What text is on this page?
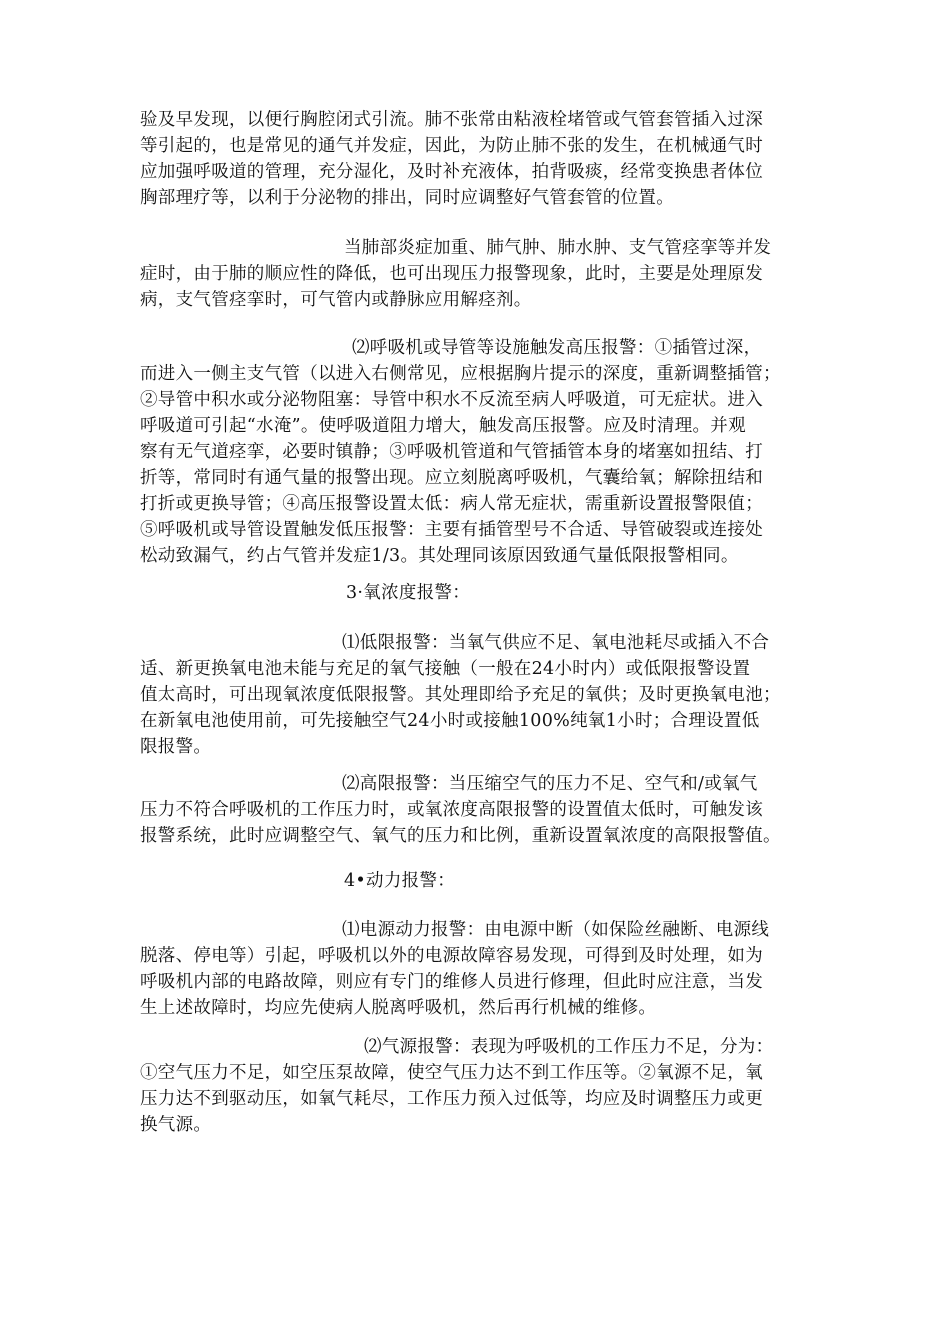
验及早发现，以便行胸腔闭式引流。肺不张常由粘液栓堵管或气管套管插入过深
等引起的，也是常见的通气并发症，因此，为防止肺不张的发生，在机械通气时
应加强呼吸道的管理，充分湿化，及时补充液体，拍背吸痰，经常变换患者体位
胸部理疗等，以利于分泌物的排出，同时应调整好气管套管的位置。
当肺部炎症加重、肺气肿、肺水肿、支气管痉挛等并发
症时，由于肺的顺应性的降低，也可出现压力报警现象，此时，主要是处理原发
病，支气管痉挛时，可气管内或静脉应用解痉剂。
⑵呼吸机或导管等设施触发高压报警：①插管过深，
而进入一侧主支气管（以进入右侧常见，应根据胸片提示的深度，重新调整插管；
②导管中积水或分泌物阻塞：导管中积水不反流至病人呼吸道，可无症状。进入
呼吸道可引起“水淹”。使呼吸道阻力增大，触发高压报警。应及时清理。并观
察有无气道痉挛，必要时镇静；③呼吸机管道和气管插管本身的堵塞如扭结、打
折等，常同时有通气量的报警出现。应立刻脱离呼吸机，气囊给氧；解除扭结和
打折或更换导管；④高压报警设置太低：病人常无症状，需重新设置报警限值；
⑤呼吸机或导管设置触发低压报警：主要有插管型号不合适、导管破裂或连接处
松动致漏气，约占气管并发症1/3。其处理同该原因致通气量低限报警相同。
3·氧浓度报警：
⑴低限报警：当氧气供应不足、氧电池耗尽或插入不合
适、新更换氧电池未能与充足的氧气接触（一般在24小时内）或低限报警设置
值太高时，可出现氧浓度低限报警。其处理即给予充足的氧供；及时更换氧电池；
在新氧电池使用前，可先接触空气24小时或接触100%纯氧1小时；合理设置低
限报警。
⑵高限报警：当压缩空气的压力不足、空气和/或氧气
压力不符合呼吸机的工作压力时，或氧浓度高限报警的设置值太低时，可触发该
报警系统，此时应调整空气、氧气的压力和比例，重新设置氧浓度的高限报警值。
4•动力报警：
⑴电源动力报警：由电源中断（如保险丝融断、电源线
脱落、停电等）引起，呼吸机以外的电源故障容易发现，可得到及时处理，如为
呼吸机内部的电路故障，则应有专门的维修人员进行修理，但此时应注意，当发
生上述故障时，均应先使病人脱离呼吸机，然后再行机械的维修。
⑵气源报警：表现为呼吸机的工作压力不足，分为：
①空气压力不足，如空压泵故障，使空气压力达不到工作压等。②氧源不足，氧
压力达不到驱动压，如氧气耗尽，工作压力预入过低等，均应及时调整压力或更
换气源。
